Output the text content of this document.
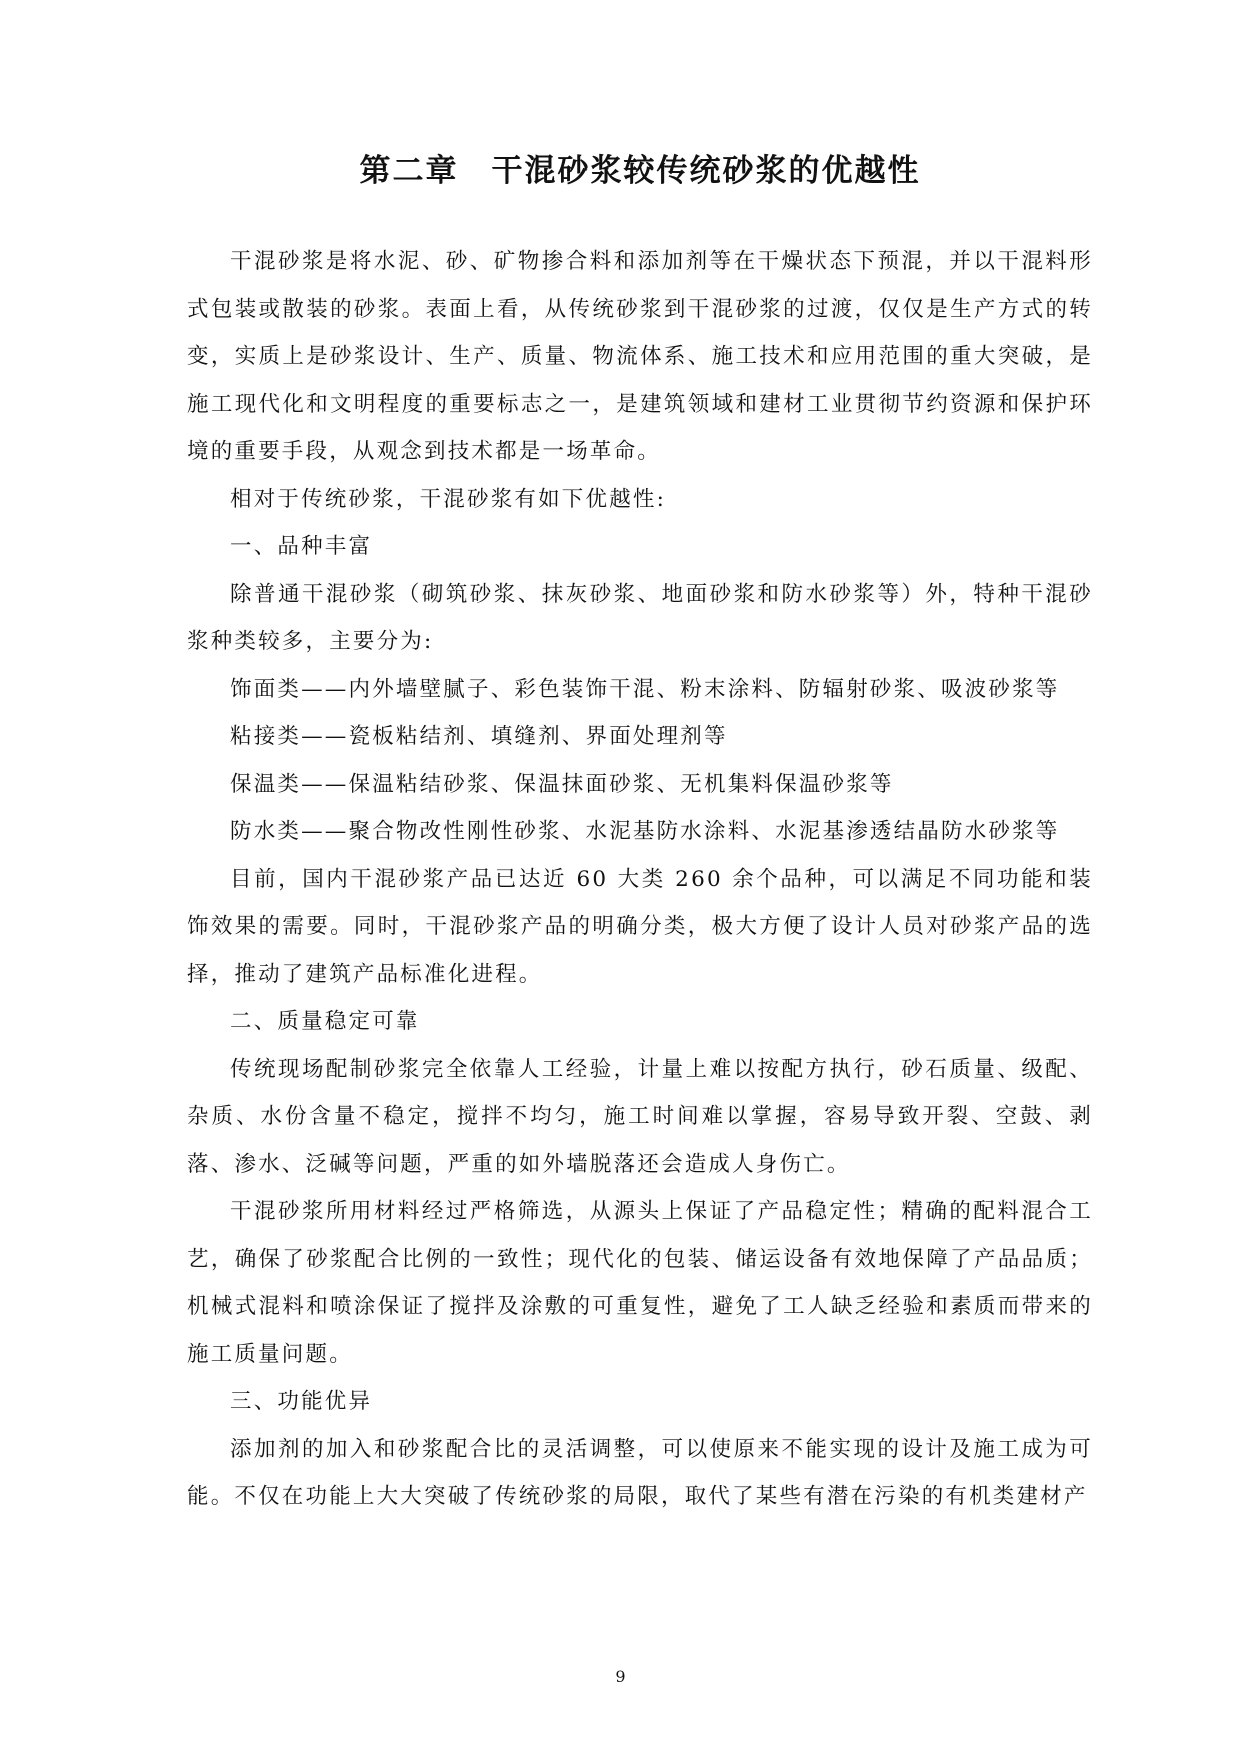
第二章　干混砂浆较传统砂浆的优越性

干混砂浆是将水泥、砂、矿物掺合料和添加剂等在干燥状态下预混，并以干混料形式包装或散装的砂浆。表面上看，从传统砂浆到干混砂浆的过渡，仅仅是生产方式的转变，实质上是砂浆设计、生产、质量、物流体系、施工技术和应用范围的重大突破，是施工现代化和文明程度的重要标志之一，是建筑领域和建材工业贯彻节约资源和保护环境的重要手段，从观念到技术都是一场革命。

相对于传统砂浆，干混砂浆有如下优越性:

一、品种丰富

除普通干混砂浆（砌筑砂浆、抹灰砂浆、地面砂浆和防水砂浆等）外，特种干混砂浆种类较多，主要分为:

饰面类——内外墙壁腻子、彩色装饰干混、粉末涂料、防辐射砂浆、吸波砂浆等

粘接类——瓷板粘结剂、填缝剂、界面处理剂等

保温类——保温粘结砂浆、保温抹面砂浆、无机集料保温砂浆等

防水类——聚合物改性刚性砂浆、水泥基防水涂料、水泥基渗透结晶防水砂浆等

目前，国内干混砂浆产品已达近 60 大类 260 余个品种，可以满足不同功能和装饰效果的需要。同时，干混砂浆产品的明确分类，极大方便了设计人员对砂浆产品的选择，推动了建筑产品标准化进程。

二、质量稳定可靠

传统现场配制砂浆完全依靠人工经验，计量上难以按配方执行，砂石质量、级配、杂质、水份含量不稳定，搅拌不均匀，施工时间难以掌握，容易导致开裂、空鼓、剥落、渗水、泛碱等问题，严重的如外墙脱落还会造成人身伤亡。

干混砂浆所用材料经过严格筛选，从源头上保证了产品稳定性；精确的配料混合工艺，确保了砂浆配合比例的一致性；现代化的包装、储运设备有效地保障了产品品质；机械式混料和喷涂保证了搅拌及涂敷的可重复性，避免了工人缺乏经验和素质而带来的施工质量问题。

三、功能优异

添加剂的加入和砂浆配合比的灵活调整，可以使原来不能实现的设计及施工成为可能。不仅在功能上大大突破了传统砂浆的局限，取代了某些有潜在污染的有机类建材产

9
